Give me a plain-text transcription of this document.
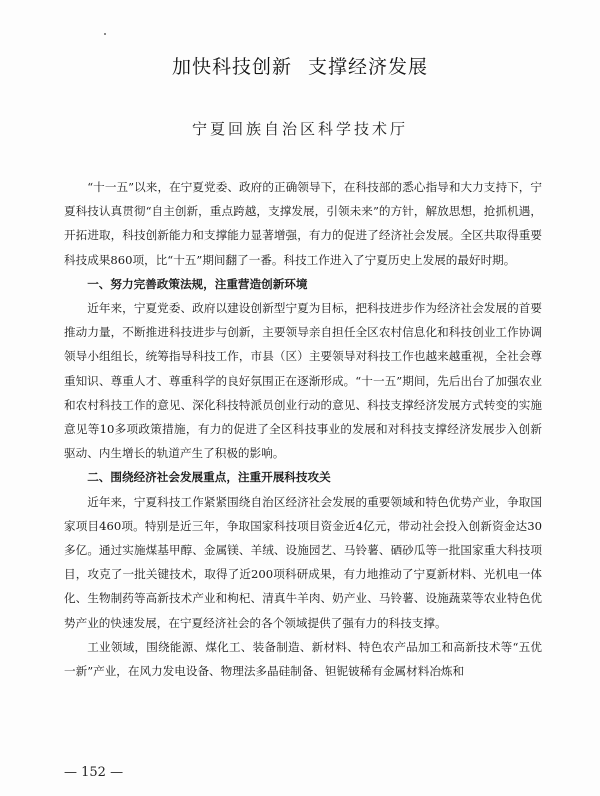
加快科技创新 支撑经济发展
宁夏回族自治区科学技术厅

“十一五”以来，在宁夏党委、政府的正确领导下，在科技部的悉心指导和大力支持下，宁夏科技认真贯彻“自主创新，重点跨越，支撑发展，引领未来”的方针，解放思想，抢抓机遇，开拓进取，科技创新能力和支撑能力显著增强，有力的促进了经济社会发展。全区共取得重要科技成果860项，比“十五”期间翻了一番。科技工作进入了宁夏历史上发展的最好时期。

一、努力完善政策法规，注重营造创新环境

近年来，宁夏党委、政府以建设创新型宁夏为目标，把科技进步作为经济社会发展的首要推动力量，不断推进科技进步与创新，主要领导亲自担任全区农村信息化和科技创业工作协调领导小组组长，统筹指导科技工作，市县（区）主要领导对科技工作也越来越重视，全社会尊重知识、尊重人才、尊重科学的良好氛围正在逐渐形成。“十一五”期间，先后出台了加强农业和农村科技工作的意见、深化科技特派员创业行动的意见、科技支撑经济发展方式转变的实施意见等10多项政策措施，有力的促进了全区科技事业的发展和对科技支撑经济发展步入创新驱动、内生增长的轨道产生了积极的影响。

二、围绕经济社会发展重点，注重开展科技攻关

近年来，宁夏科技工作紧紧围绕自治区经济社会发展的重要领域和特色优势产业，争取国家项目460项。特别是近三年，争取国家科技项目资金近4亿元，带动社会投入创新资金达30多亿。通过实施煤基甲醇、金属镁、羊绒、设施园艺、马铃薯、硒砂瓜等一批国家重大科技项目，攻克了一批关键技术，取得了近200项科研成果，有力地推动了宁夏新材料、光机电一体化、生物制药等高新技术产业和枸杞、清真牛羊肉、奶产业、马铃薯、设施蔬菜等农业特色优势产业的快速发展，在宁夏经济社会的各个领域提供了强有力的科技支撑。

工业领域，围绕能源、煤化工、装备制造、新材料、特色农产品加工和高新技术等“五优一新”产业，在风力发电设备、物理法多晶硅制备、钽铌铍稀有金属材料冶炼和

— 152 —
